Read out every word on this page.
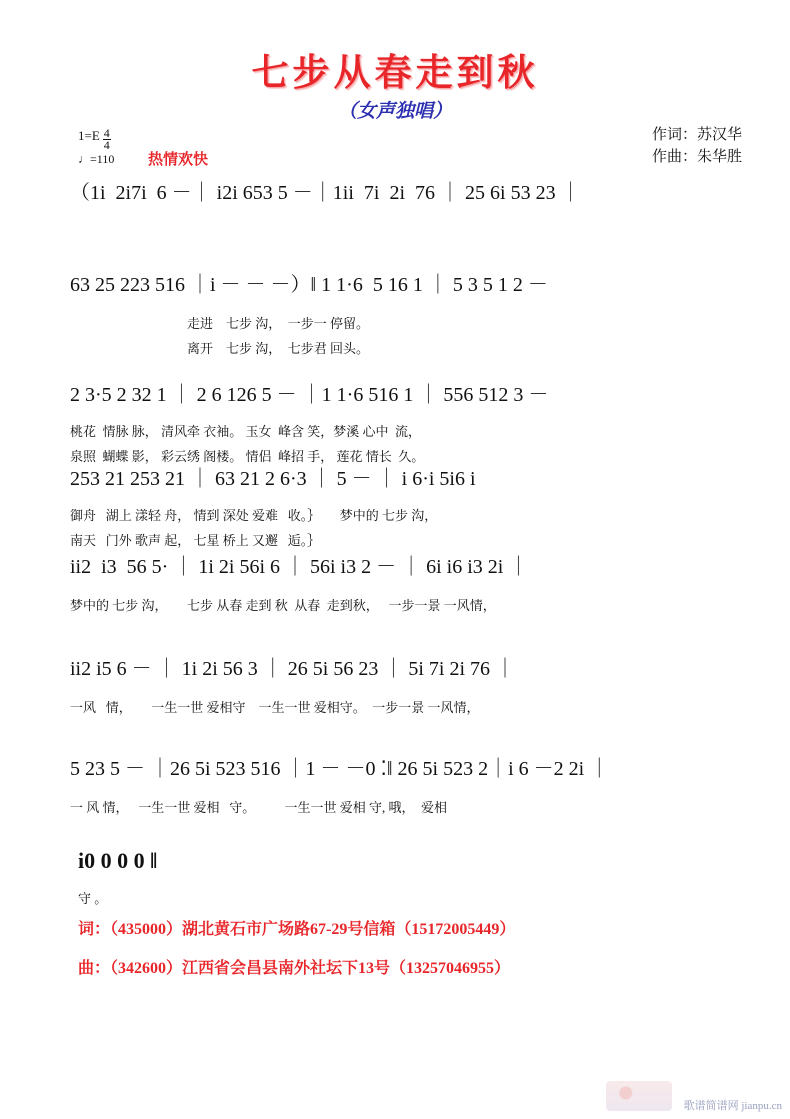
七步从春走到秋
（女声独唱）
作词：苏汉华
作曲：朱华胜
1=E 4
4
♩=110 热情欢快
（1i  2i7i  6 －｜ i2i 653 5 －｜1ii  7i  2i  76 ｜ 25 6i 53 23 ｜
63 25 223 516 ｜i － － －）‖ 1 1·6  5 16 1 ｜ 5 3 5 1 2 －
走进    七步 沟，  一步一 停留。
离开    七步 沟，  七步君 回头。
2 3·5 2 32 1 ｜ 2 6 126 5 － ｜1 1·6 516 1 ｜ 556 512 3 －
桃花  情脉 脉， 清风牵 衣袖。 玉女  峰含 笑，梦溪 心中  流，
泉照  蝴蝶 影， 彩云绣 阁楼。 情侣  峰招 手， 莲花 情长  久。
253 21 253 21 ｜ 63 21 2 6·3 ｜ 5 － ｜ i 6·i 5i6 i
御舟   湖上 漾轻 舟， 情到 深处 爱难   收。｝      梦中的 七步 沟，
南天   门外 歌声 起， 七星 桥上 又邂   逅。｝
ii2  i3  56 5· ｜ 1i 2i 56i 6 ｜ 56i i3 2 － ｜ 6i i6 i3 2i ｜
梦中的 七步 沟，      七步 从春 走到 秋  从春  走到秋，   一步一景 一风情，
ii2 i5 6 － ｜ 1i 2i 56 3 ｜ 26 5i 56 23 ｜ 5i 7i 2i 76 ｜
一风   情，      一生一世 爱相守    一生一世 爱相守。  一步一景 一风情，
5 23 5 － ｜26 5i 523 516 ｜1 － －0 ⁚‖ 26 5i 523 2｜i 6 －2 2i ｜
一 风 情，   一生一世 爱相   守。         一生一世 爱相 守, 哦，  爱相
i0 0 0 0 ‖
守 。
词：（435000）湖北黄石市广场路67-29号信箱（15172005449）
曲：（342600）江西省会昌县南外社坛下13号（13257046955）
歌谱简谱网 jianpu.cn
